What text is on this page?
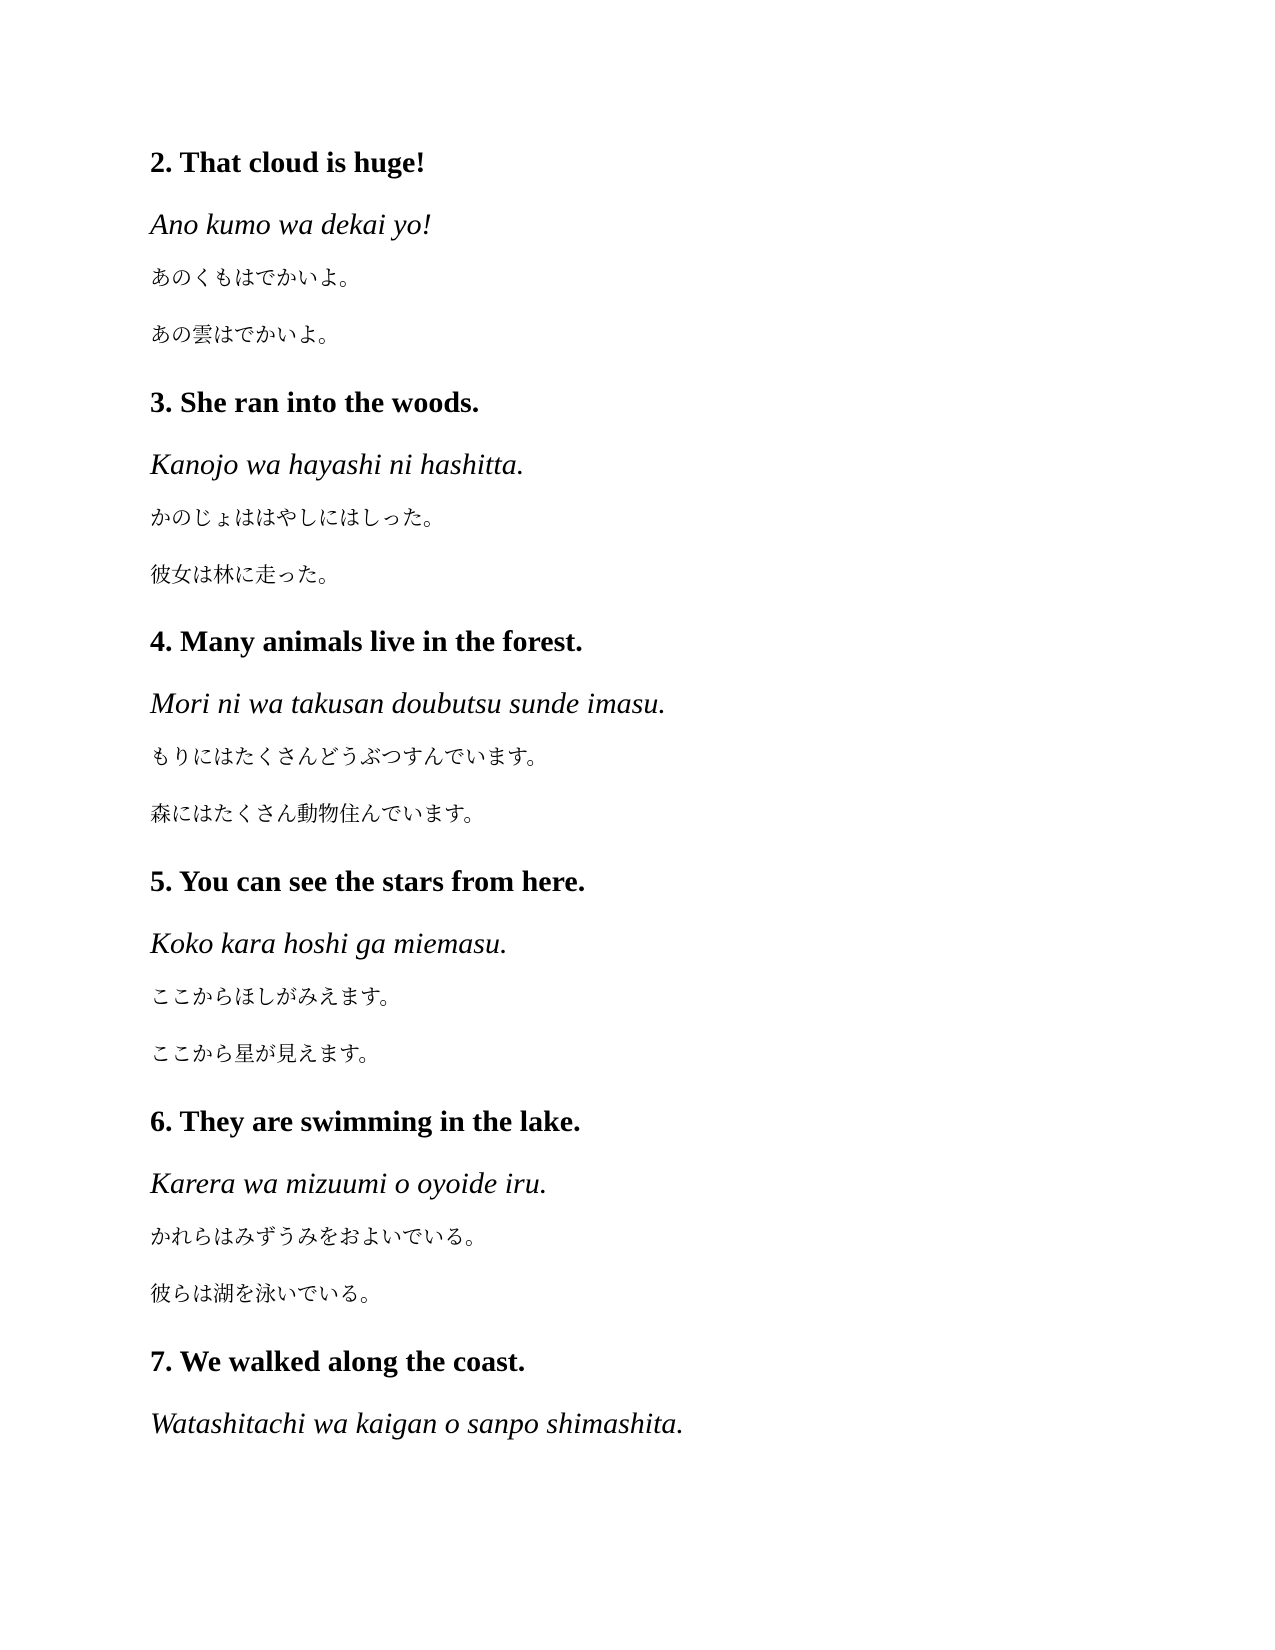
2. That cloud is huge!

Ano kumo wa dekai yo!

あのくもはでかいよ。

あの雲はでかいよ。

3. She ran into the woods.

Kanojo wa hayashi ni hashitta.

かのじょははやしにはしった。

彼女は林に走った。

4. Many animals live in the forest.

Mori ni wa takusan doubutsu sunde imasu.

もりにはたくさんどうぶつすんでいます。

森にはたくさん動物住んでいます。

5. You can see the stars from here.

Koko kara hoshi ga miemasu.

ここからほしがみえます。

ここから星が見えます。

6. They are swimming in the lake.

Karera wa mizuumi o oyoide iru.

かれらはみずうみをおよいでいる。

彼らは湖を泳いでいる。

7. We walked along the coast.

Watashitachi wa kaigan o sanpo shimashita.
